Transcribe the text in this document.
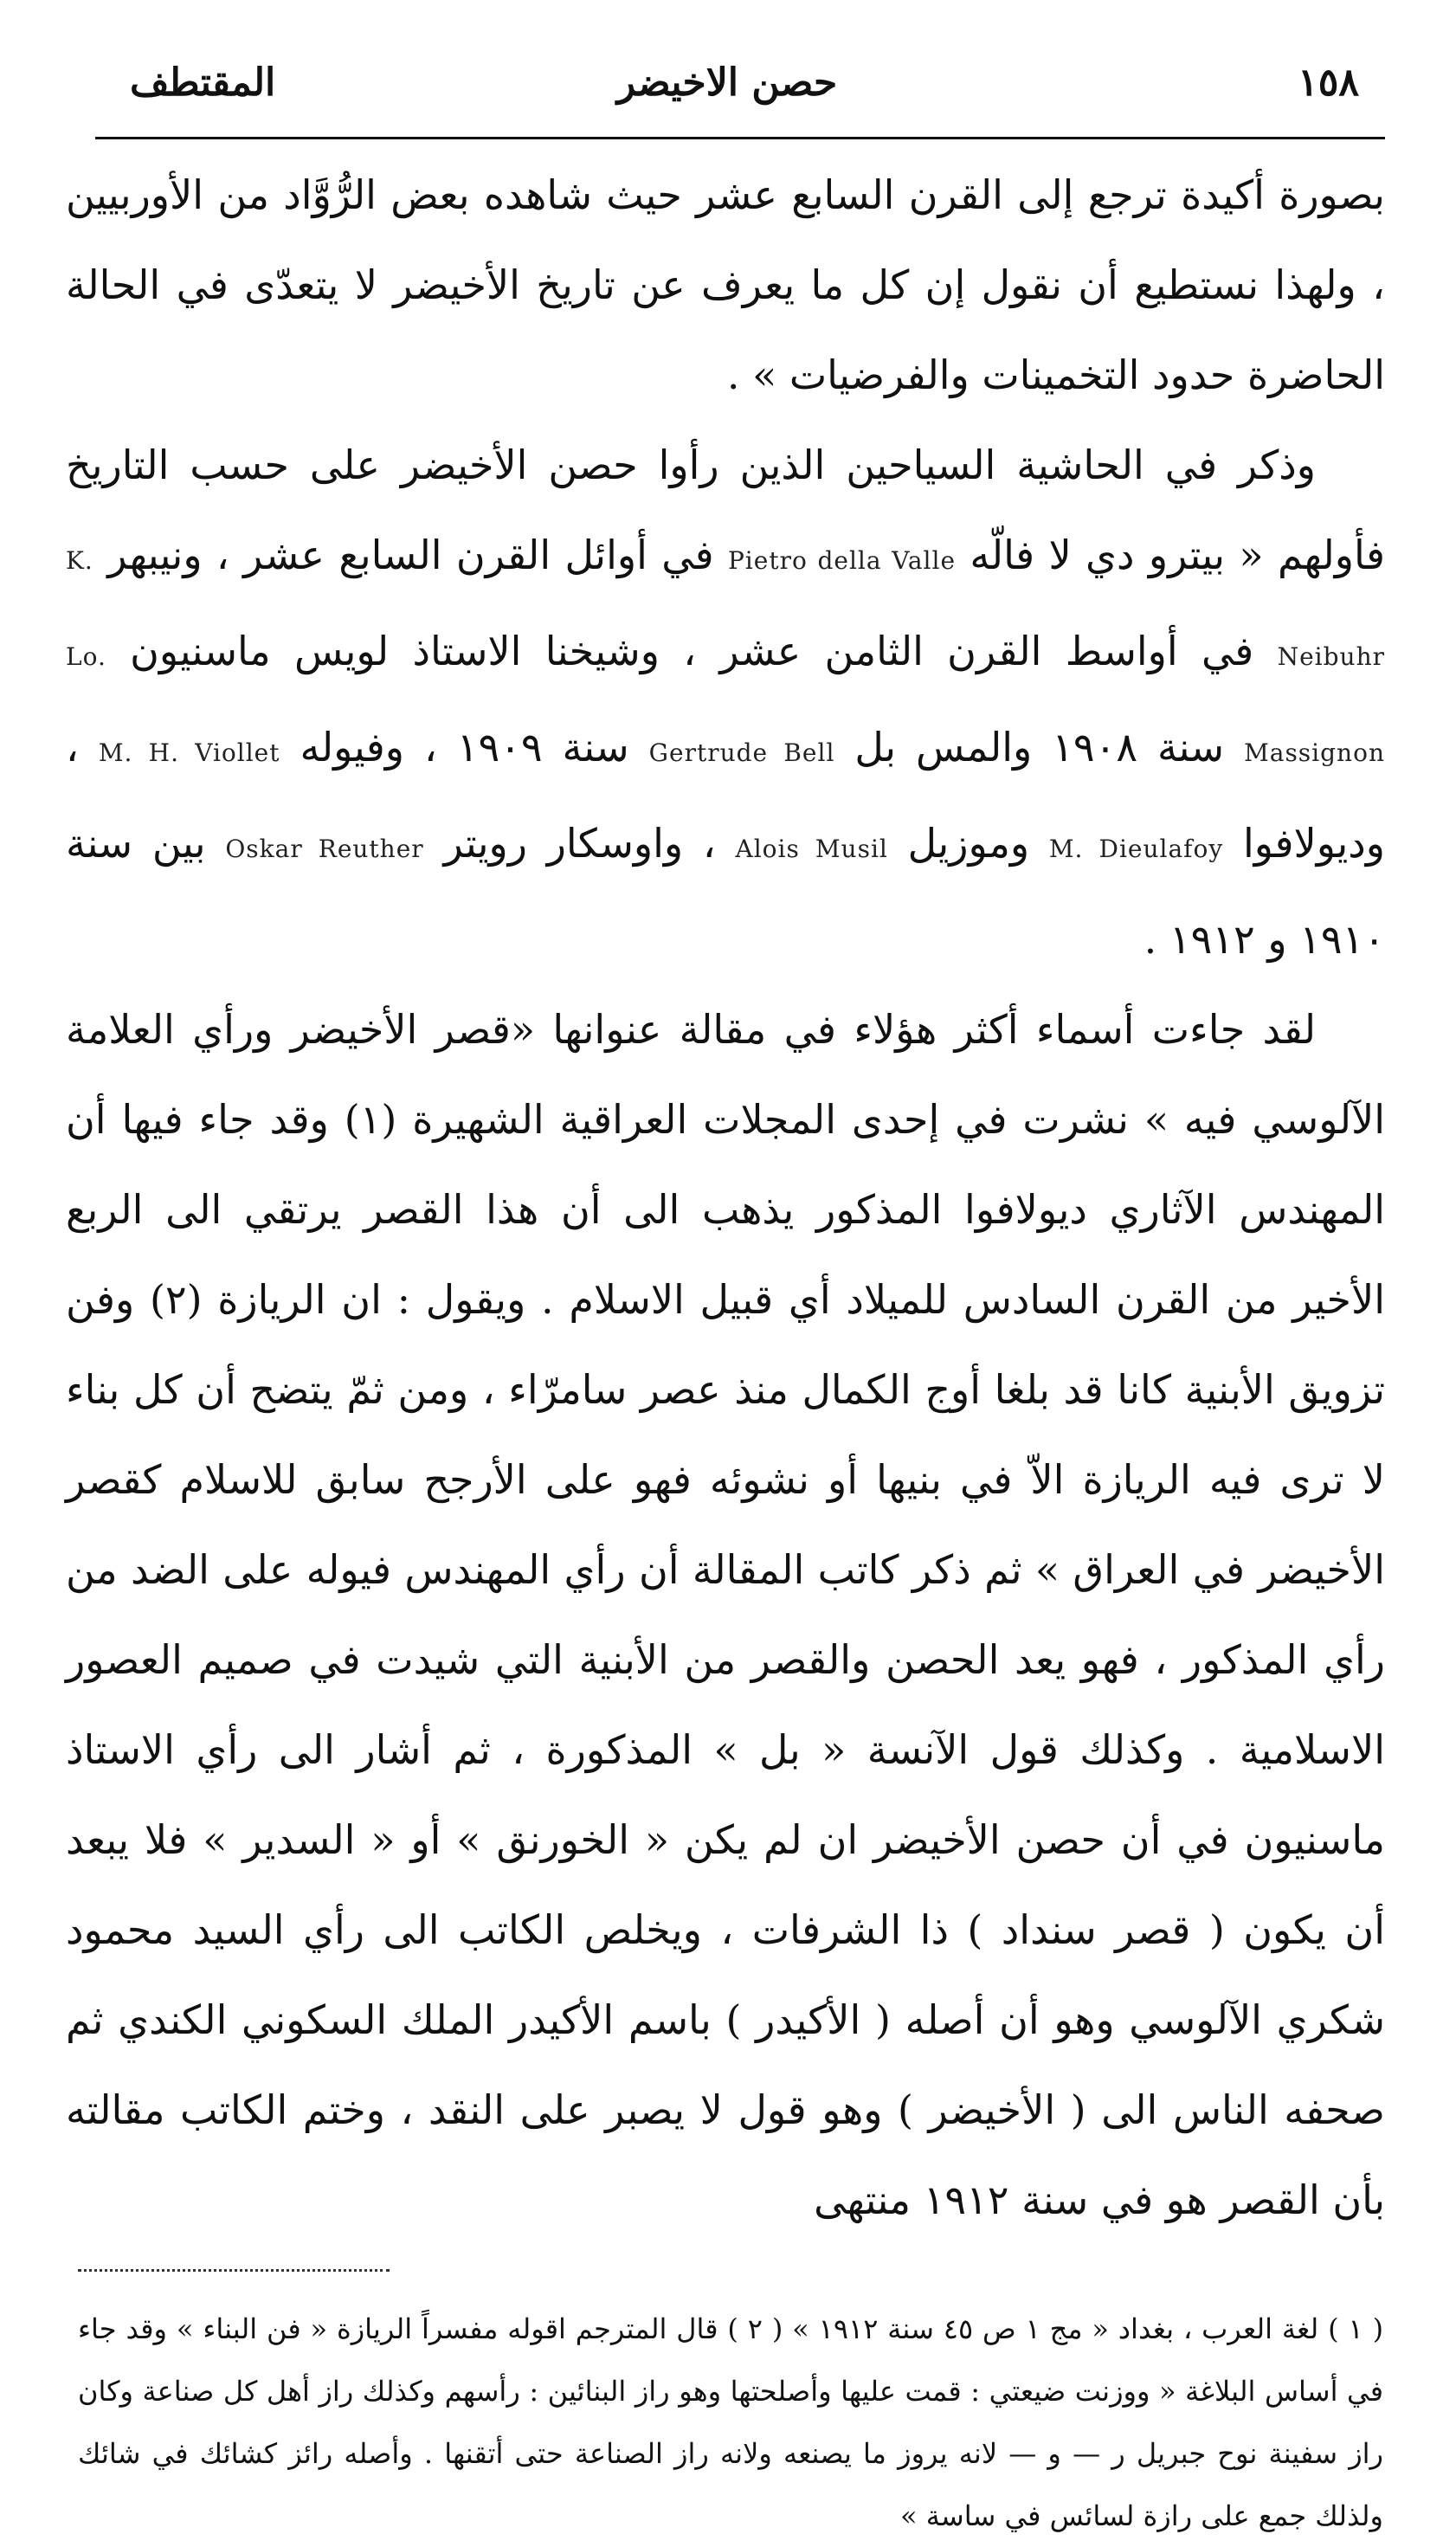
١٥٨
حصن الاخيضر
المقتطف

بصورة أكيدة ترجع إلى القرن السابع عشر حيث شاهده بعض الرُّوَّاد من الأوربيين ، ولهذا نستطيع أن نقول إن كل ما يعرف عن تاريخ الأخيضر لا يتعدّى في الحالة الحاضرة حدود التخمينات والفرضيات » .

وذكر في الحاشية السياحين الذين رأوا حصن الأخيضر على حسب التاريخ فأولهم « بيترو دي لا فالّه Pietro della Valle في أوائل القرن السابع عشر ، ونيبهر K. Neibuhr في أواسط القرن الثامن عشر ، وشيخنا الاستاذ لويس ماسنيون Lo. Massignon سنة ١٩٠٨ والمس بل Gertrude Bell سنة ١٩٠٩ ، وفيوله M. H. Viollet ، وديولافوا M. Dieulafoy وموزيل Alois Musil ، واوسكار رويتر Oskar Reuther بين سنة ١٩١٠ و ١٩١٢ .

لقد جاءت أسماء أكثر هؤلاء في مقالة عنوانها «قصر الأخيضر ورأي العلامة الآلوسي فيه » نشرت في إحدى المجلات العراقية الشهيرة (١) وقد جاء فيها أن المهندس الآثاري ديولافوا المذكور يذهب الى أن هذا القصر يرتقي الى الربع الأخير من القرن السادس للميلاد أي قبيل الاسلام . ويقول : ان الريازة (٢) وفن تزويق الأبنية كانا قد بلغا أوج الكمال منذ عصر سامرّاء ، ومن ثمّ يتضح أن كل بناء لا ترى فيه الريازة الاّ في بنيها أو نشوئه فهو على الأرجح سابق للاسلام كقصر الأخيضر في العراق » ثم ذكر كاتب المقالة أن رأي المهندس فيوله على الضد من رأي المذكور ، فهو يعد الحصن والقصر من الأبنية التي شيدت في صميم العصور الاسلامية . وكذلك قول الآنسة « بل » المذكورة ، ثم أشار الى رأي الاستاذ ماسنيون في أن حصن الأخيضر ان لم يكن « الخورنق » أو « السدير » فلا يبعد أن يكون ( قصر سنداد ) ذا الشرفات ، ويخلص الكاتب الى رأي السيد محمود شكري الآلوسي وهو أن أصله ( الأكيدر ) باسم الأكيدر الملك السكوني الكندي ثم صحفه الناس الى ( الأخيضر ) وهو قول لا يصبر على النقد ، وختم الكاتب مقالته بأن القصر هو في سنة ١٩١٢ منتهى

( ١ ) لغة العرب ، بغداد « مج ١ ص ٤٥ سنة ١٩١٢ » ( ٢ ) قال المترجم اقوله مفسراً الريازة « فن البناء » وقد جاء في أساس البلاغة « ووزنت ضيعتي : قمت عليها وأصلحتها وهو راز البنائين : رأسهم وكذلك راز أهل كل صناعة وكان راز سفينة نوح جبريل ر — و — لانه يروز ما يصنعه ولانه راز الصناعة حتى أتقنها . وأصله رائز كشائك في شائك ولذلك جمع على رازة لسائس في ساسة »
